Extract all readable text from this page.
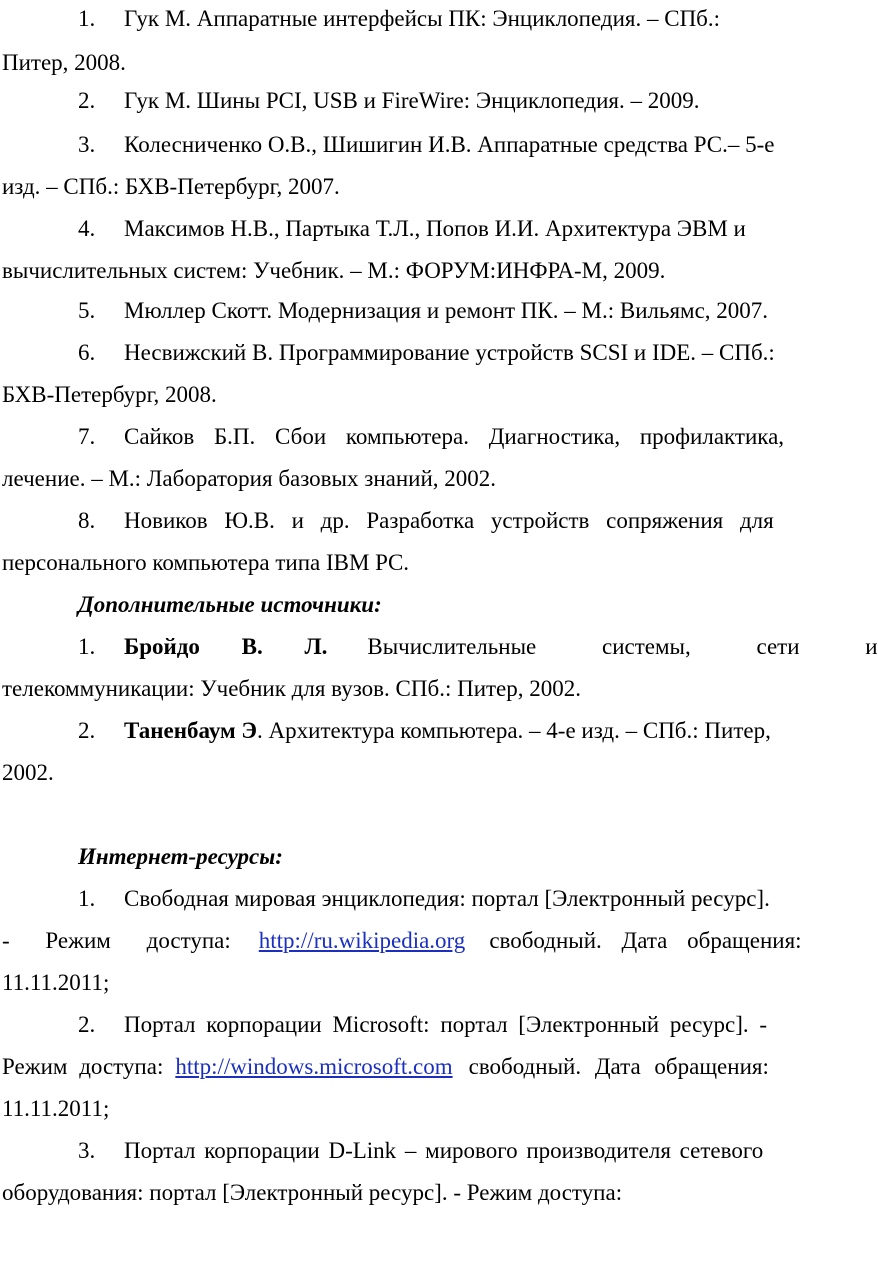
1. Гук М. Аппаратные интерфейсы ПК: Энциклопедия. – СПб.:
Питер, 2008.
2. Гук М. Шины PCI, USB и FireWire: Энциклопедия. – 2009.
3. Колесниченко О.В., Шишигин И.В. Аппаратные средства РС.– 5-е
изд. – СПб.: БХВ-Петербург, 2007.
4. Максимов Н.В., Партыка Т.Л., Попов И.И. Архитектура ЭВМ и
вычислительных систем: Учебник. – М.: ФОРУМ:ИНФРА-М, 2009.
5. Мюллер Скотт. Модернизация и ремонт ПК. – М.: Вильямс, 2007.
6. Несвижский В. Программирование устройств SCSI и IDE. – СПб.:
БХВ-Петербург, 2008.
7. Сайков Б.П. Сбои компьютера. Диагностика, профилактика,
лечение. – М.: Лаборатория базовых знаний, 2002.
8. Новиков Ю.В. и др. Разработка устройств сопряжения для
персонального компьютера типа IBM PC.
Дополнительные источники:
1. Бройдо В. Л. Вычислительные системы, сети и
телекоммуникации: Учебник для вузов. СПб.: Питер, 2002.
2. Таненбаум Э. Архитектура компьютера. – 4-е изд. – СПб.: Питер,
2002.
Интернет-ресурсы:
1. Свободная мировая энциклопедия: портал [Электронный ресурс].
- Режим доступа: http://ru.wikipedia.org свободный. Дата обращения:
11.11.2011;
2. Портал корпорации Microsoft: портал [Электронный ресурс]. -
Режим доступа: http://windows.microsoft.com свободный. Дата обращения:
11.11.2011;
3. Портал корпорации D-Link – мирового производителя сетевого
оборудования: портал [Электронный ресурс]. - Режим доступа:
